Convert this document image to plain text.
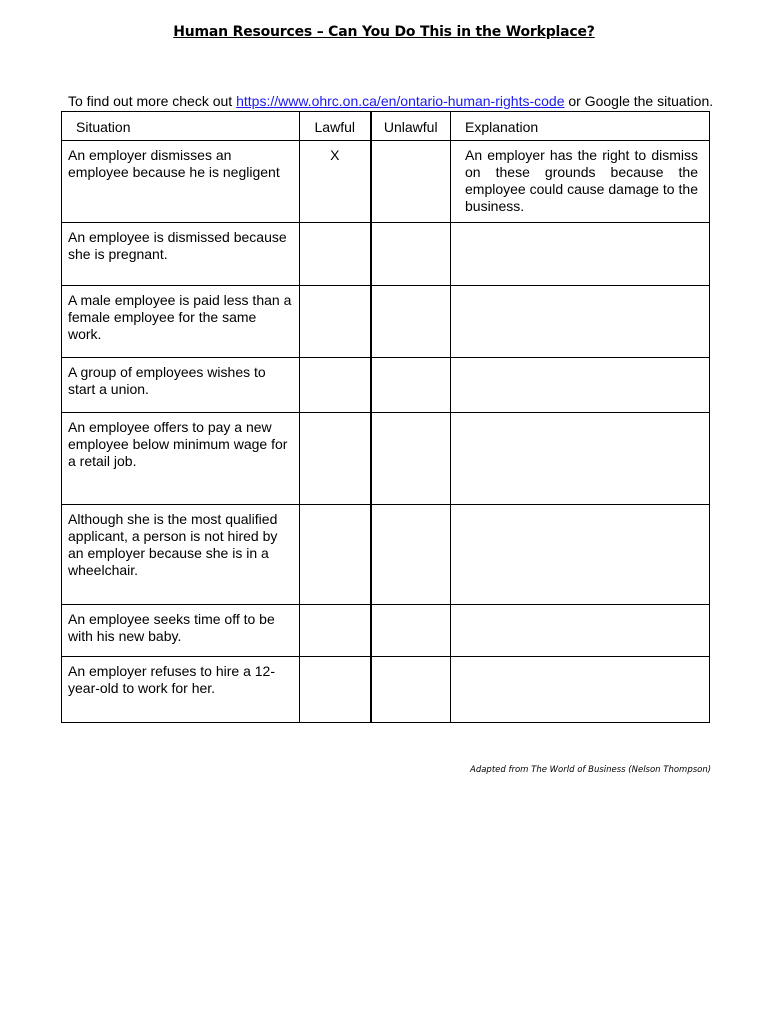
Human Resources – Can You Do This in the Workplace?
To find out more check out https://www.ohrc.on.ca/en/ontario-human-rights-code or Google the situation.
Situation	Lawful	Unlawful	Explanation
An employer dismisses an employee because he is negligent	X		An employer has the right to dismiss on these grounds because the employee could cause damage to the business.
An employee is dismissed because she is pregnant.			
A male employee is paid less than a female employee for the same work.			
A group of employees wishes to start a union.			
An employee offers to pay a new employee below minimum wage for a retail job.			
Although she is the most qualified applicant, a person is not hired by an employer because she is in a wheelchair.			
An employee seeks time off to be with his new baby.			
An employer refuses to hire a 12- year-old to work for her.			
Adapted from The World of Business (Nelson Thompson)
